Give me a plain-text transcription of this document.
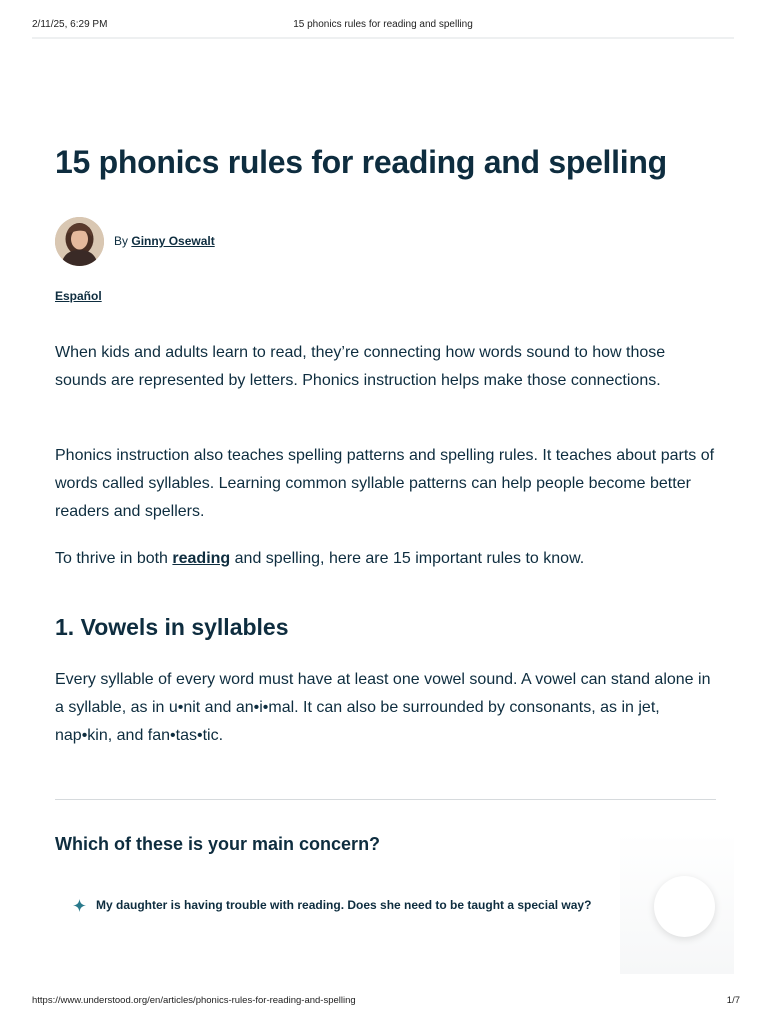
2/11/25, 6:29 PM	15 phonics rules for reading and spelling
15 phonics rules for reading and spelling
By Ginny Osewalt
Español

When kids and adults learn to read, they’re connecting how words sound to how those sounds are represented by letters. Phonics instruction helps make those connections.

Phonics instruction also teaches spelling patterns and spelling rules. It teaches about parts of words called syllables. Learning common syllable patterns can help people become better readers and spellers.

To thrive in both reading and spelling, here are 15 important rules to know.

1. Vowels in syllables

Every syllable of every word must have at least one vowel sound. A vowel can stand alone in a syllable, as in u•nit and an•i•mal. It can also be surrounded by consonants, as in jet, nap•kin, and fan•tas•tic.

Which of these is your main concern?
My daughter is having trouble with reading. Does she need to be taught a special way?
https://www.understood.org/en/articles/phonics-rules-for-reading-and-spelling	1/7
